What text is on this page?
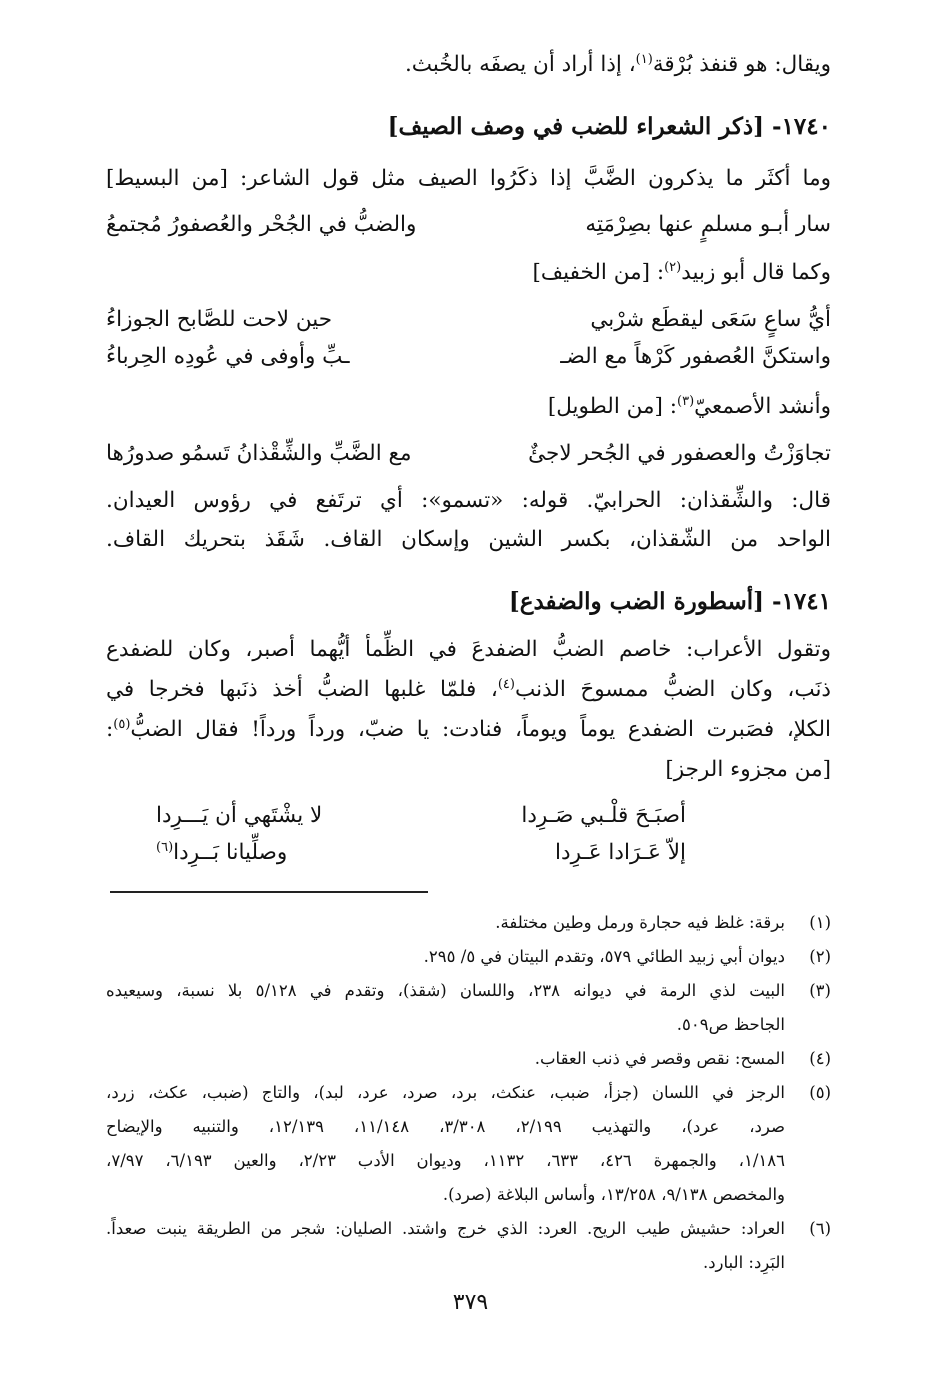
ويقال: هو قنفذ بُرْقة$^{(١)}$، إذا أراد أن يصفَه بالخُبث.
١٧٤٠- [ذكر الشعراء للضب في وصف الصيف]
وما أكثَر ما يذكرون الضَّبَّ إذا ذكَرُوا الصيف مثل قول الشاعر: [من البسيط]
سار أبـو مسلمٍ عنها بصِرْمَتِه
والضبُّ في الجُحْر والعُصفورُ مُجتمعُ
وكما قال أبو زبيد$^{(٢)}$: [من الخفيف]
أيُّ ساعٍ سَعَى ليقطَع شرْبي
حين لاحت للصَّابح الجوزاءُ
واستكنَّ العُصفور كَرْهاً مع الضـ
ـبِّ وأوفى في عُودِه الحِرباءُ
وأنشد الأصمعيّ$^{(٣)}$: [من الطويل]
تجاوَزْتُ والعصفور في الجُحر لاجئٌ
مع الضَّبِّ والشِّقْذانُ تَسمُو صدورُها
قال: والشِّقذان: الحرابيّ. قوله: «تسمو»: أي ترتَفع في رؤوس العيدان.
الواحد من الشّقذان، بكسر الشين وإسكان القاف. شَقَذ بتحريك القاف.
١٧٤١- [أسطورة الضب والضفدع]
وتقول الأعراب: خاصم الضبُّ الضفدعَ في الظِّمأ أيُّهما أصبر، وكان للضفدع
ذنَب، وكان الضبُّ ممسوحَ الذنب$^{(٤)}$، فلمّا غلبها الضبُّ أخذ ذنَبها فخرجا في
الكلإ، فصَبرت الضفدع يوماً ويوماً، فنادت: يا ضبّ، ورداً ورداً! فقال الضبُّ$^{(٥)}$:
[من مجزوء الرجز]
أصبَـحَ قلْـبي صَـرِدا
لا يشْتَهي أن يَـــرِدا
إلاّ عَـرَادا عَـرِدا
وصلِّيانا بَــرِدا$^{(٦)}$
(١)برقة: غلظ فيه حجارة ورمل وطين مختلفة.
(٢)ديوان أبي زبيد الطائي ٥٧٩، وتقدم البيتان في ٥/ ٢٩٥.
(٣)البيت لذي الرمة في ديوانه ٢٣٨، واللسان (شقذ)، وتقدم في ٥/١٢٨ بلا نسبة، وسيعيده
الجاحظ ص٥٠٩.
(٤)المسح: نقص وقصر في ذنب العقاب.
(٥)الرجز في اللسان (جزأ، ضبب، عنكث، برد، صرد، عرد، لبد)، والتاج (ضبب، عكث، زرد،
صرد، عرد)، والتهذيب ٢/١٩٩، ٣/٣٠٨، ١١/١٤٨، ١٢/١٣٩، والتنبيه والإيضاح
١/١٨٦، والجمهرة ٤٢٦، ٦٣٣، ١١٣٢، وديوان الأدب ٢/٢٣، والعين ٦/١٩٣، ٧/٩٧،
والمخصص ٩/١٣٨، ١٣/٢٥٨، وأساس البلاغة (صرد).
(٦)العراد: حشيش طيب الريح. العرد: الذي خرج واشتد. الصليان: شجر من الطريقة ينبت صعداً.
البَرِد: البارد.
٣٧٩
